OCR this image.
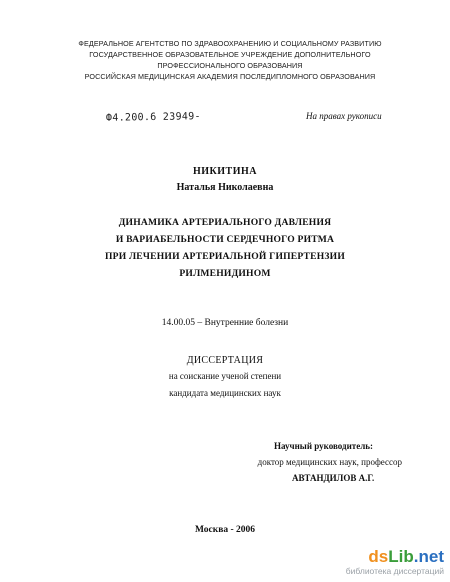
ФЕДЕРАЛЬНОЕ АГЕНТСТВО ПО ЗДРАВООХРАНЕНИЮ И СОЦИАЛЬНОМУ РАЗВИТИЮ
ГОСУДАРСТВЕННОЕ ОБРАЗОВАТЕЛЬНОЕ УЧРЕЖДЕНИЕ ДОПОЛНИТЕЛЬНОГО
ПРОФЕССИОНАЛЬНОГО ОБРАЗОВАНИЯ
РОССИЙСКАЯ МЕДИЦИНСКАЯ АКАДЕМИЯ ПОСЛЕДИПЛОМНОГО ОБРАЗОВАНИЯ
Ф4.200.6 23949-	На правах рукописи
НИКИТИНА
Наталья Николаевна
ДИНАМИКА АРТЕРИАЛЬНОГО ДАВЛЕНИЯ
И ВАРИАБЕЛЬНОСТИ СЕРДЕЧНОГО РИТМА
ПРИ ЛЕЧЕНИИ АРТЕРИАЛЬНОЙ ГИПЕРТЕНЗИИ
РИЛМЕНИДИНОМ
14.00.05 – Внутренние болезни
ДИССЕРТАЦИЯ
на соискание ученой степени
кандидата медицинских наук
Научный руководитель:
доктор медицинских наук, профессор
АВТАНДИЛОВ А.Г.
Москва - 2006
dsLib.net
библиотека диссертаций
